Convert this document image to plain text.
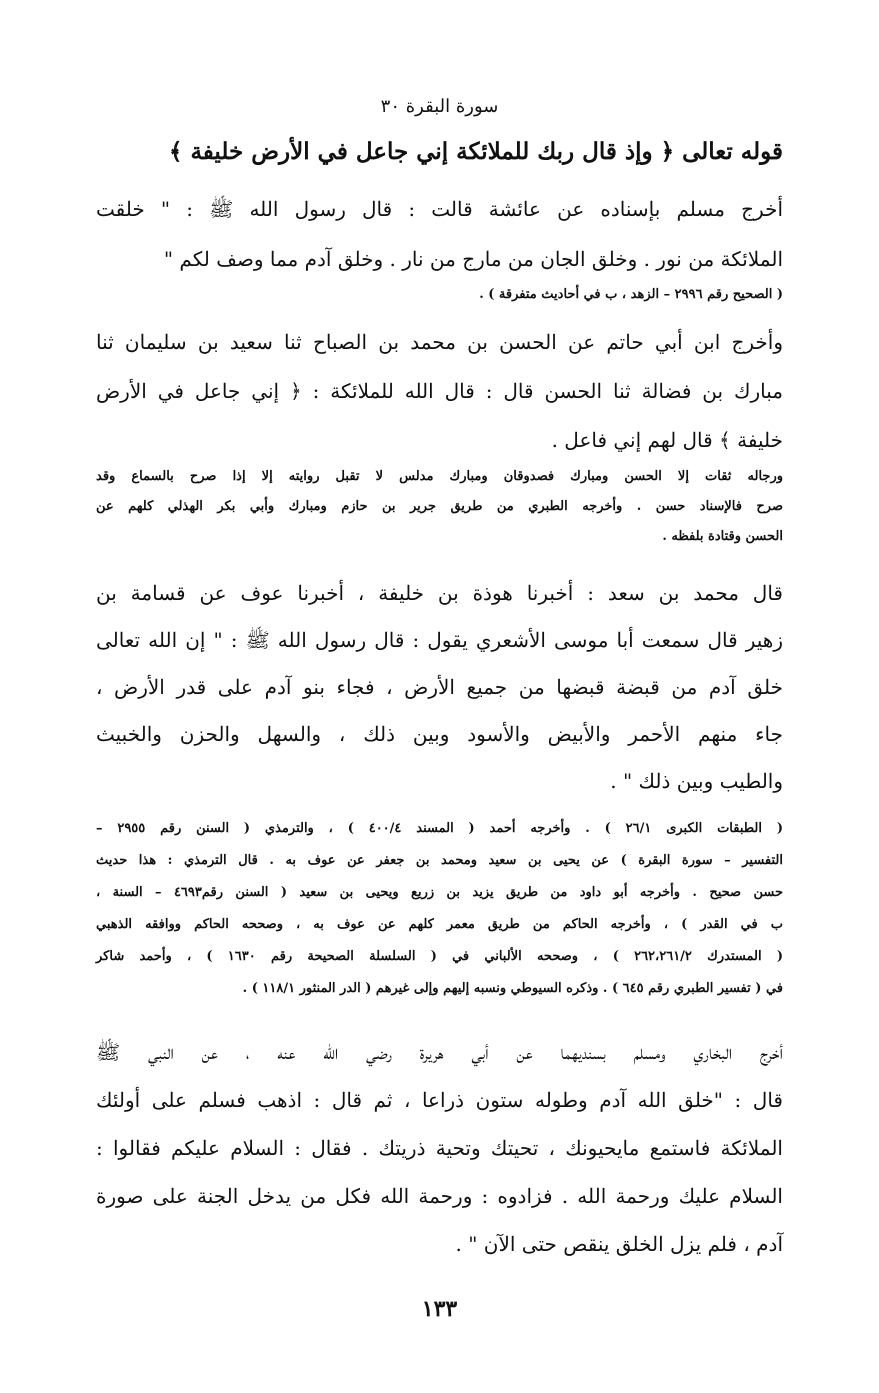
سورة البقرة ٣٠
قوله تعالى ﴿ وإذ قال ربك للملائكة إني جاعل في الأرض خليفة ﴾
أخرج مسلم بإسناده عن عائشة قالت : قال رسول الله ﷺ : " خلقت
الملائكة من نور . وخلق الجان من مارج من نار . وخلق آدم مما وصف لكم "
( الصحيح رقم ٢٩٩٦ – الزهد ، ب في أحاديث متفرقة ) .
وأخرج ابن أبي حاتم عن الحسن بن محمد بن الصباح ثنا سعيد بن سليمان ثنا
مبارك بن فضالة ثنا الحسن قال : قال الله للملائكة : ﴿ إني جاعل في الأرض
خليفة ﴾ قال لهم إني فاعل .
ورجاله ثقات إلا الحسن ومبارك فصدوقان ومبارك مدلس لا تقبل روايته إلا إذا صرح بالسماع وقد
صرح فالإسناد حسن . وأخرجه الطبري من طريق جرير بن حازم ومبارك وأبي بكر الهذلي كلهم عن
الحسن وقتادة بلفظه .
قال محمد بن سعد : أخبرنا هوذة بن خليفة ، أخبرنا عوف عن قسامة بن
زهير قال سمعت أبا موسى الأشعري يقول : قال رسول الله ﷺ : " إن الله تعالى
خلق آدم من قبضة قبضها من جميع الأرض ، فجاء بنو آدم على قدر الأرض ،
جاء منهم الأحمر والأبيض والأسود وبين ذلك ، والسهل والحزن والخبيث
والطيب وبين ذلك " .
( الطبقات الكبرى ٢٦/١ ) . وأخرجه أحمد ( المسند ٤٠٠/٤ ) ، والترمذي ( السنن رقم ٢٩٥٥ –
التفسير – سورة البقرة ) عن يحيى بن سعيد ومحمد بن جعفر عن عوف به . قال الترمذي : هذا حديث
حسن صحيح . وأخرجه أبو داود من طريق يزيد بن زريع ويحيى بن سعيد ( السنن رقم٤٦٩٣ – السنة ،
ب في القدر ) ، وأخرجه الحاكم من طريق معمر كلهم عن عوف به ، وصححه الحاكم ووافقه الذهبي
( المستدرك ٢٦٢،٢٦١/٢ ) ، وصححه الألباني في ( السلسلة الصحيحة رقم ١٦٣٠ ) ، وأحمد شاكر
في ( تفسير الطبري رقم ٦٤٥ ) . وذكره السيوطي ونسبه إليهم وإلى غيرهم ( الدر المنثور ١١٨/١ ) .
أخرج البخاري ومسلم بسنديهما عن أبي هريرة رضي الله عنه ، عن النبي ﷺ
قال : "خلق الله آدم وطوله ستون ذراعا ، ثم قال : اذهب فسلم على أولئك
الملائكة فاستمع مايحيونك ، تحيتك وتحية ذريتك . فقال : السلام عليكم فقالوا :
السلام عليك ورحمة الله . فزادوه : ورحمة الله فكل من يدخل الجنة على صورة
آدم ، فلم يزل الخلق ينقص حتى الآن " .
١٣٣
